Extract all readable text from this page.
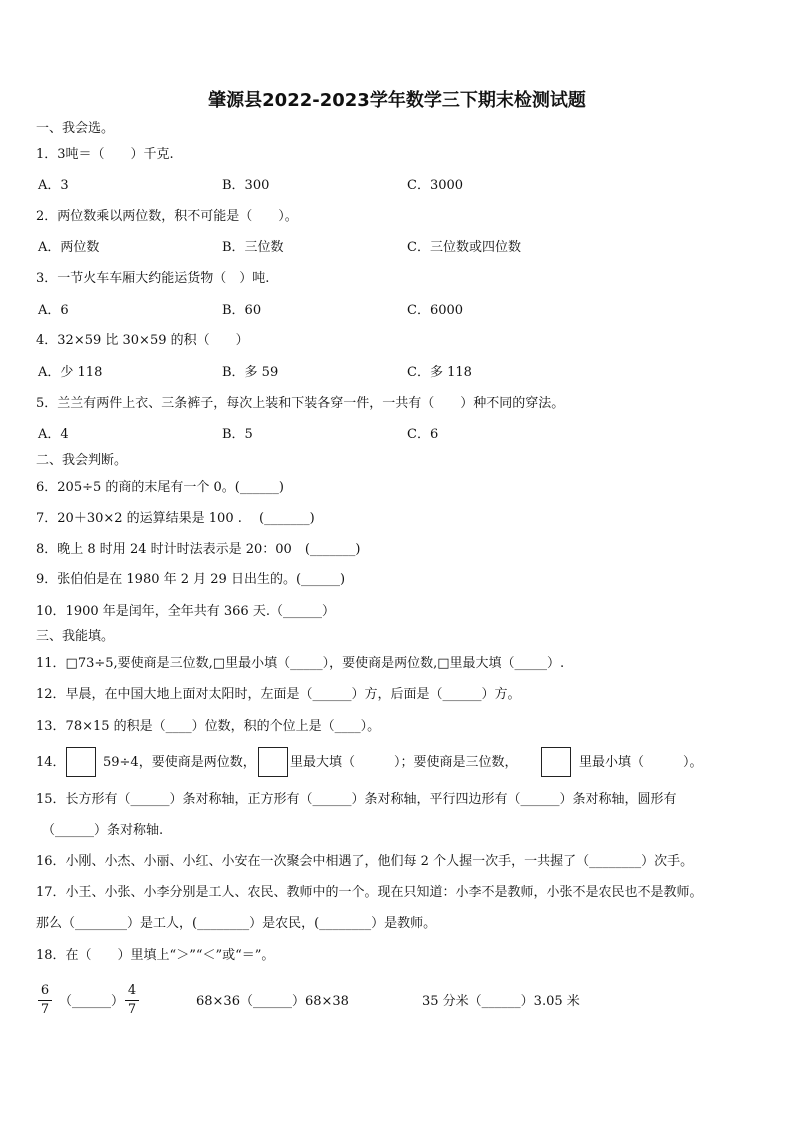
肇源县2022-2023学年数学三下期末检测试题
一、我会选。
1．3吨＝（　　）千克.
A．3	B．300	C．3000
2．两位数乘以两位数，积不可能是（　　）。
A．两位数	B．三位数	C．三位数或四位数
3．一节火车车厢大约能运货物（　）吨.
A．6	B．60	C．6000
4．32×59 比 30×59 的积（　　）
A．少 118	B．多 59	C．多 118
5．兰兰有两件上衣、三条裤子，每次上装和下装各穿一件，一共有（　　）种不同的穿法。
A．4	B．5	C．6
二、我会判断。
6．205÷5 的商的末尾有一个 0。(______)
7．20＋30×2 的运算结果是 100 .　 (_______)
8．晚上 8 时用 24 时计时法表示是 20：00　(_______)
9．张伯伯是在 1980 年 2 月 29 日出生的。(______)
10．1900 年是闰年，全年共有 366 天.（______）
三、我能填。
11．□73÷5,要使商是三位数,□里最小填（_____），要使商是两位数,□里最大填（_____）.
12．早晨，在中国大地上面对太阳时，左面是（______）方，后面是（______）方。
13．78×15 的积是（____）位数，积的个位上是（____）。
14．	59÷4，要使商是两位数，	里最大填（　　　）；要使商是三位数，	里最小填（　　　）。
15．长方形有（______）条对称轴，正方形有（______）条对称轴，平行四边形有（______）条对称轴，圆形有
（______）条对称轴.
16．小刚、小杰、小丽、小红、小安在一次聚会中相遇了，他们每 2 个人握一次手，一共握了（________）次手。
17．小王、小张、小李分别是工人、农民、教师中的一个。现在只知道：小李不是教师，小张不是农民也不是教师。
那么（________）是工人，(________）是农民，(________）是教师。
18．在（　　）里填上“＞”“＜”或“＝”。
6
7
（______）
4
7
68×36（______）68×38	35 分米（______）3.05 米
